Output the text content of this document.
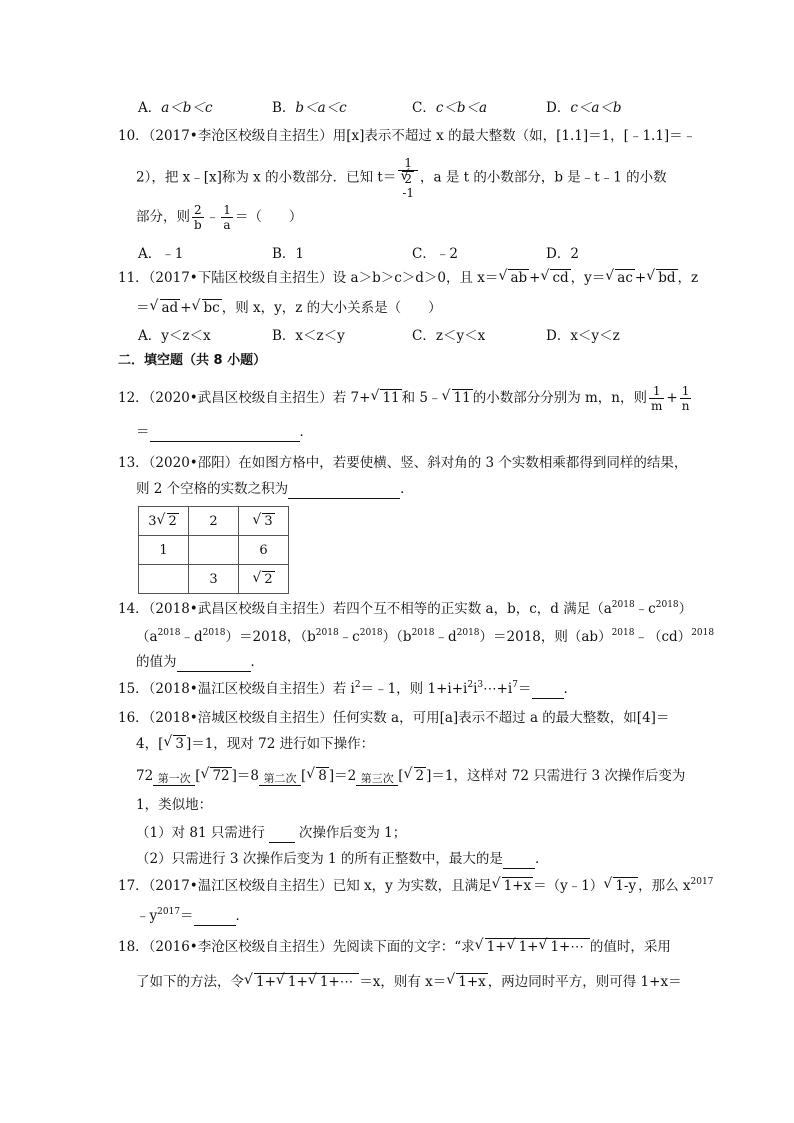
A．a＜b＜c	B．b＜a＜c	C．c＜b＜a	D．c＜a＜b
10．（2017•李沧区校级自主招生）用[x]表示不超过 x 的最大整数（如，[1.1]＝1，[﹣1.1]＝﹣
2），把 x﹣[x]称为 x 的小数部分．已知 t＝ 1
√ 2
-1 ，a 是 t 的小数部分，b 是﹣t﹣1 的小数
部分，则 $\frac{2}{b}$ ﹣ $\frac{1}{a}$ ＝（　　）
A．﹣1	B．1	C．﹣2	D．2
11．（2017•下陆区校级自主招生）设 a＞b＞c＞d＞0，且 x＝ √ ab + √ cd ，y＝ √ ac + √ bd ，z
＝ √ ad + √ bc ，则 x，y，z 的大小关系是（　　）
A．y＜z＜x	B．x＜z＜y	C．z＜y＜x	D．x＜y＜z
二．填空题（共 8 小题）
12．（2020•武昌区校级自主招生）若 7+ √ 11 和 5﹣ √ 11 的小数部分分别为 m，n，则 $\frac{1}{m} + \frac{1}{n}$
＝	．
13．（2020•邵阳）在如图方格中，若要使横、竖、斜对角的 3 个实数相乘都得到同样的结果，
则 2 个空格的实数之积为	．
3 √ 2	2	√ 3
1		6
	3	√ 2
14．（2018•武昌区校级自主招生）若四个互不相等的正实数 a，b，c，d 满足$(a^{2018}﹣c^{2018})$
$(a^{2018}﹣d^{2018})=2018$，$(b^{2018}﹣c^{2018})(b^{2018}﹣d^{2018})=2018$，则（ab）$^{2018}$﹣（cd）$^{2018}$
的值为	．
15．（2018•温江区校级自主招生）若 $i^2=﹣1$，则 $1+i+i^2i^3\cdots+i^7=$ ．
16．（2018•涪城区校级自主招生）任何实数 a，可用[a]表示不超过 a 的最大整数，如[4]＝
4，[ √ 3 ]＝1，现对 72 进行如下操作：
72 第一次 [ √ 72 ]＝8 第二次 [ √ 8 ]＝2 第三次 [ √ 2 ]＝1，这样对 72 只需进行 3 次操作后变为
1，类似地：
（1）对 81 只需进行	次操作后变为 1；
（2）只需进行 3 次操作后变为 1 的所有正整数中，最大的是 ．
17．（2017•温江区校级自主招生）已知 x，y 为实数，且满足 √ 1+x ＝（y﹣1） √ 1-y ，那么 $x^{2017}$
$﹣y^{2017}=$	．
18．（2016•李沧区校级自主招生）先阅读下面的文字：“求 √ 1+ √ 1+ √ 1+⋯ 的值时，采用
了如下的方法，令 √ 1+ √ 1+ √ 1+⋯ ＝x，则有 x＝ √ 1+x ，两边同时平方，则可得 1+x＝
